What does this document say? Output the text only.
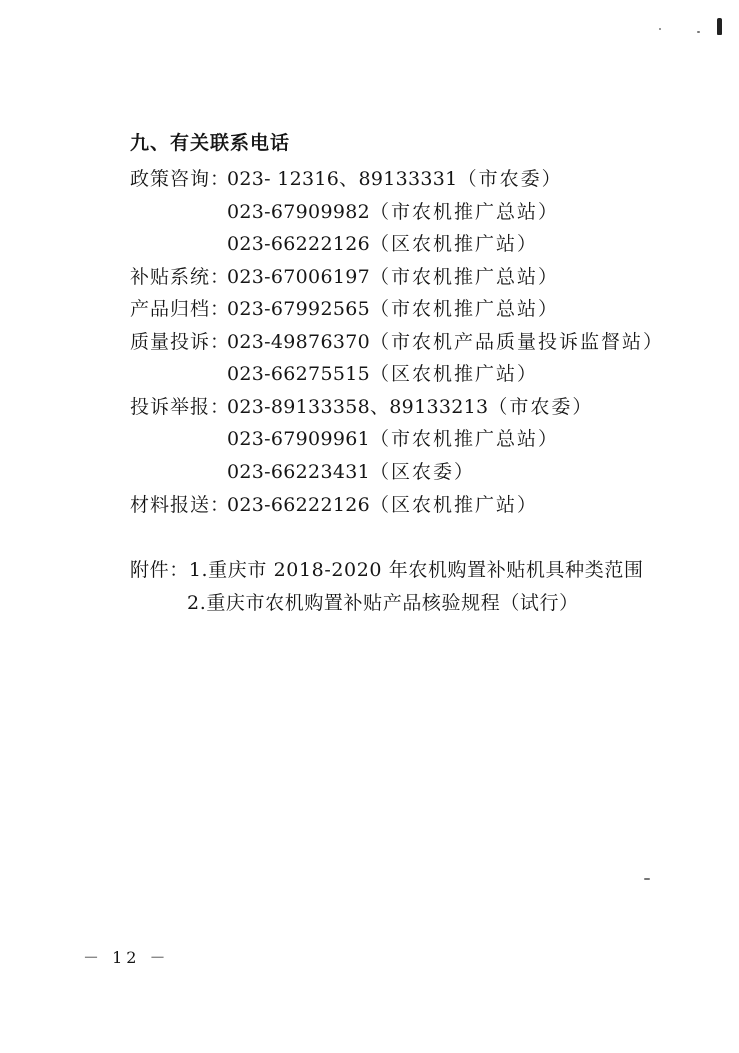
九、有关联系电话
政策咨询：023- 12316、89133331（市农委）
023-67909982（市农机推广总站）
023-66222126（区农机推广站）
补贴系统：023-67006197（市农机推广总站）
产品归档：023-67992565（市农机推广总站）
质量投诉：023-49876370（市农机产品质量投诉监督站）
023-66275515（区农机推广站）
投诉举报：023-89133358、89133213（市农委）
023-67909961（市农机推广总站）
023-66223431（区农委）
材料报送：023-66222126（区农机推广站）
附件：1.重庆市 2018-2020 年农机购置补贴机具种类范围
2.重庆市农机购置补贴产品核验规程（试行）
－ 12 －
